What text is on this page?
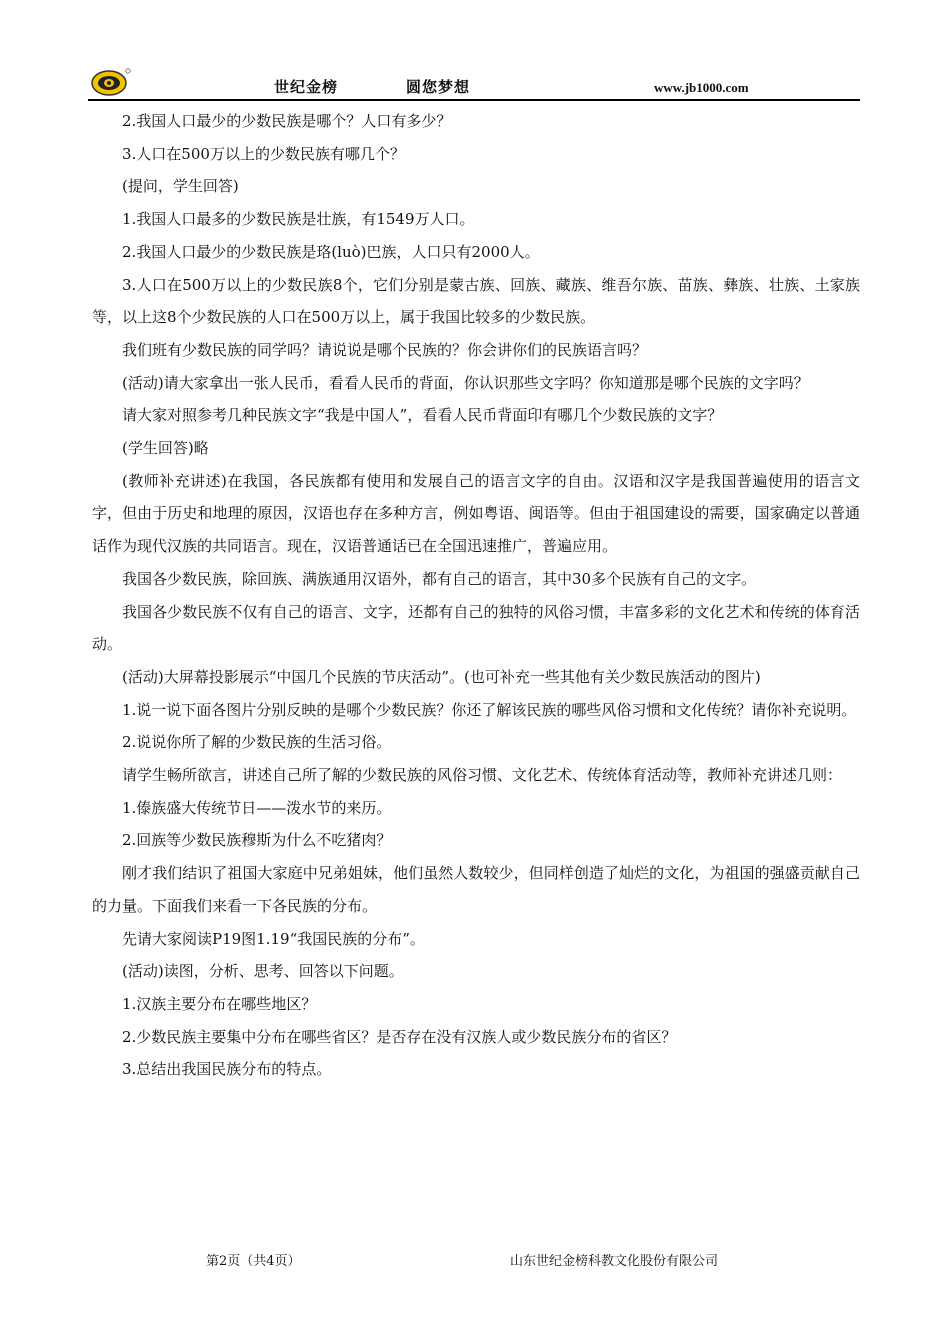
世纪金榜	圆您梦想	www.jb1000.com

2.我国人口最少的少数民族是哪个？人口有多少？

3.人口在500万以上的少数民族有哪几个？

(提问，学生回答)

1.我国人口最多的少数民族是壮族，有1549万人口。

2.我国人口最少的少数民族是珞(luò)巴族，人口只有2000人。

3.人口在500万以上的少数民族8个，它们分别是蒙古族、回族、藏族、维吾尔族、苗族、彝族、壮族、土家族等，以上这8个少数民族的人口在500万以上，属于我国比较多的少数民族。

我们班有少数民族的同学吗？请说说是哪个民族的？你会讲你们的民族语言吗？

(活动)请大家拿出一张人民币，看看人民币的背面，你认识那些文字吗？你知道那是哪个民族的文字吗？

请大家对照参考几种民族文字“我是中国人”，看看人民币背面印有哪几个少数民族的文字？

(学生回答)略

(教师补充讲述)在我国，各民族都有使用和发展自己的语言文字的自由。汉语和汉字是我国普遍使用的语言文字，但由于历史和地理的原因，汉语也存在多种方言，例如粤语、闽语等。但由于祖国建设的需要，国家确定以普通话作为现代汉族的共同语言。现在，汉语普通话已在全国迅速推广，普遍应用。

我国各少数民族，除回族、满族通用汉语外，都有自己的语言，其中30多个民族有自己的文字。

我国各少数民族不仅有自己的语言、文字，还都有自己的独特的风俗习惯，丰富多彩的文化艺术和传统的体育活动。

(活动)大屏幕投影展示“中国几个民族的节庆活动”。(也可补充一些其他有关少数民族活动的图片)

1.说一说下面各图片分别反映的是哪个少数民族？你还了解该民族的哪些风俗习惯和文化传统？请你补充说明。

2.说说你所了解的少数民族的生活习俗。

请学生畅所欲言，讲述自己所了解的少数民族的风俗习惯、文化艺术、传统体育活动等，教师补充讲述几则：

1.傣族盛大传统节日——泼水节的来历。

2.回族等少数民族穆斯为什么不吃猪肉？

刚才我们结识了祖国大家庭中兄弟姐妹，他们虽然人数较少，但同样创造了灿烂的文化，为祖国的强盛贡献自己的力量。下面我们来看一下各民族的分布。

先请大家阅读P19图1.19“我国民族的分布”。

(活动)读图，分析、思考、回答以下问题。

1.汉族主要分布在哪些地区？

2.少数民族主要集中分布在哪些省区？是否存在没有汉族人或少数民族分布的省区？

3.总结出我国民族分布的特点。

第2页（共4页）	山东世纪金榜科教文化股份有限公司
